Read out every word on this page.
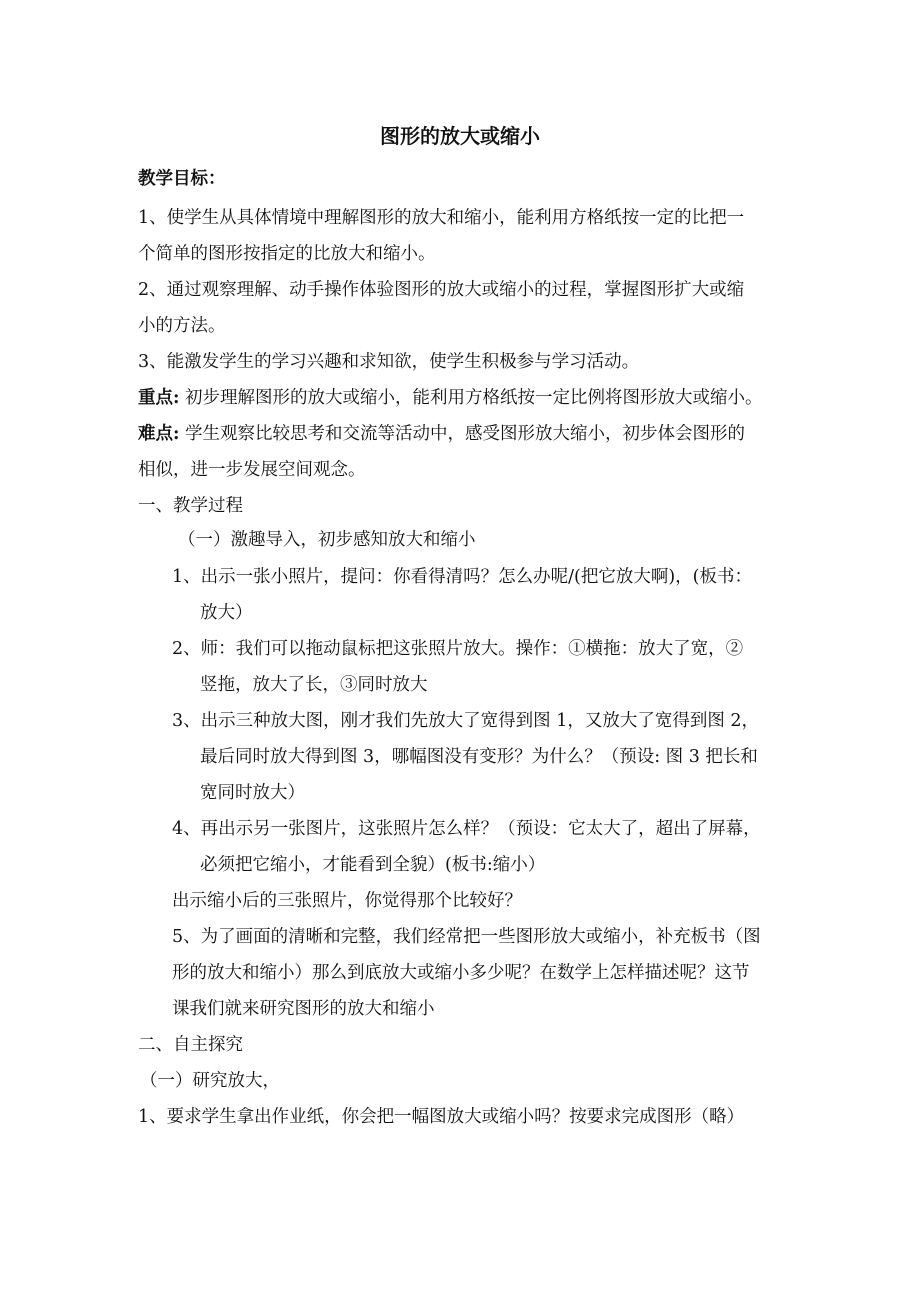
图形的放大或缩小
教学目标：
1、使学生从具体情境中理解图形的放大和缩小，能利用方格纸按一定的比把一
个简单的图形按指定的比放大和缩小。
2、通过观察理解、动手操作体验图形的放大或缩小的过程，掌握图形扩大或缩
小的方法。
3、能激发学生的学习兴趣和求知欲，使学生积极参与学习活动。
重点: 初步理解图形的放大或缩小，能利用方格纸按一定比例将图形放大或缩小。
难点: 学生观察比较思考和交流等活动中，感受图形放大缩小，初步体会图形的
相似，进一步发展空间观念。
一、教学过程
（一）激趣导入，初步感知放大和缩小
1、出示一张小照片，提问：你看得清吗？怎么办呢/(把它放大啊)，(板书：
放大）
2、师：我们可以拖动鼠标把这张照片放大。操作：①横拖：放大了宽，②
竖拖，放大了长，③同时放大
3、出示三种放大图，刚才我们先放大了宽得到图 1，又放大了宽得到图 2，
最后同时放大得到图 3，哪幅图没有变形？为什么？（预设: 图 3 把长和
宽同时放大）
4、再出示另一张图片，这张照片怎么样？（预设：它太大了，超出了屏幕，
必须把它缩小，才能看到全貌）(板书:缩小）
出示缩小后的三张照片，你觉得那个比较好？
5、为了画面的清晰和完整，我们经常把一些图形放大或缩小，补充板书（图
形的放大和缩小）那么到底放大或缩小多少呢？在数学上怎样描述呢？这节
课我们就来研究图形的放大和缩小
二、自主探究
（一）研究放大，
1、要求学生拿出作业纸，你会把一幅图放大或缩小吗？按要求完成图形（略）
